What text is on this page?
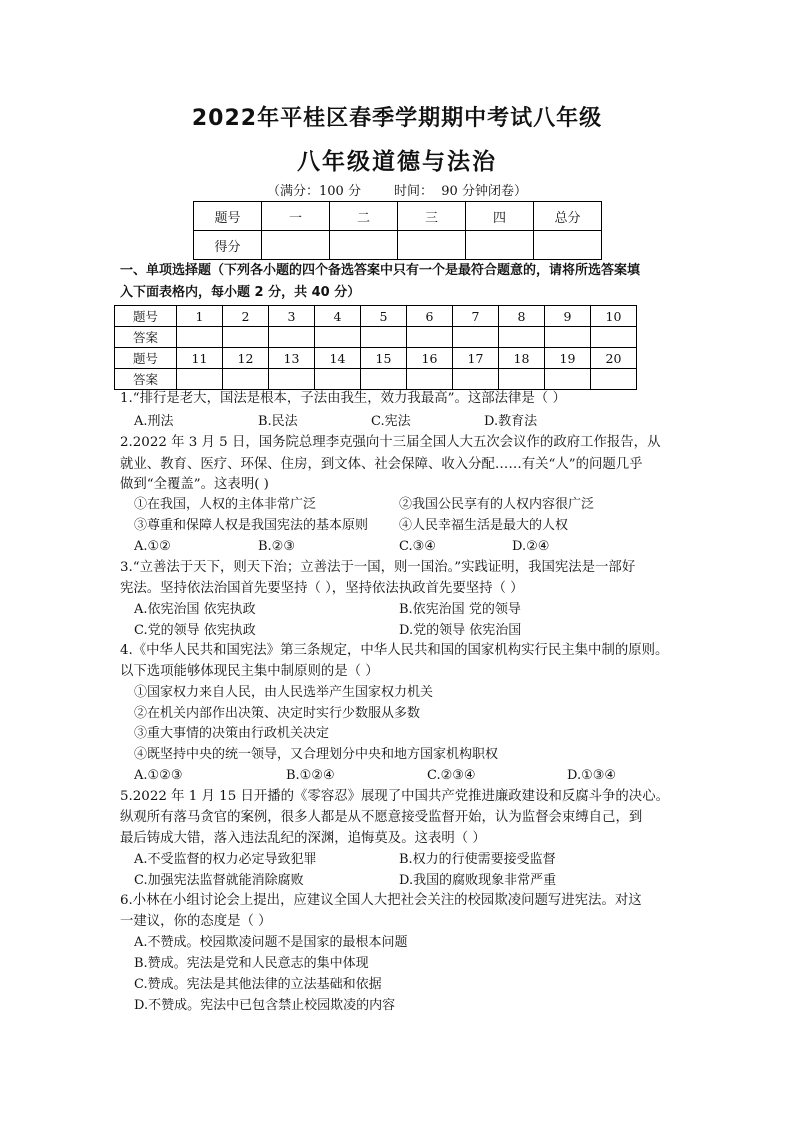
2022年平桂区春季学期期中考试八年级
八年级道德与法治
（满分：100 分        时间：  90 分钟闭卷）
题号	一	二	三	四	总分
得分					
一、单项选择题（下列各小题的四个备选答案中只有一个是最符合题意的，请将所选答案填
入下面表格内，每小题 2 分，共 40 分）
题号	1	2	3	4	5	6	7	8	9	10
答案										
题号	11	12	13	14	15	16	17	18	19	20
答案										
1.“排行是老大，国法是根本，子法由我生，效力我最高”。这部法律是（ ）
A.刑法	B.民法	C.宪法	D.教育法
2.2022 年 3 月 5 日，国务院总理李克强向十三届全国人大五次会议作的政府工作报告，从
就业、教育、医疗、环保、住房，到文体、社会保障、收入分配……有关“人”的问题几乎
做到“全覆盖”。这表明( )
①在我国，人权的主体非常广泛	②我国公民享有的人权内容很广泛
③尊重和保障人权是我国宪法的基本原则 ④人民幸福生活是最大的人权
A.①②	B.②③	C.③④	D.②④
3.“立善法于天下，则天下治；立善法于一国，则一国治。”实践证明，我国宪法是一部好
宪法。坚持依法治国首先要坚持（ ），坚持依法执政首先要坚持（ ）
A.依宪治国 依宪执政	B.依宪治国 党的领导
C.党的领导 依宪执政	D.党的领导 依宪治国
4.《中华人民共和国宪法》第三条规定，中华人民共和国的国家机构实行民主集中制的原则。
以下选项能够体现民主集中制原则的是（ ）
①国家权力来自人民，由人民选举产生国家权力机关
②在机关内部作出决策、决定时实行少数服从多数
③重大事情的决策由行政机关决定
④既坚持中央的统一领导，又合理划分中央和地方国家机构职权
A.①②③	B.①②④	C.②③④	D.①③④
5.2022 年 1 月 15 日开播的《零容忍》展现了中国共产党推进廉政建设和反腐斗争的决心。
纵观所有落马贪官的案例，很多人都是从不愿意接受监督开始，认为监督会束缚自己，到
最后铸成大错，落入违法乱纪的深渊，追悔莫及。这表明（ ）
A.不受监督的权力必定导致犯罪	B.权力的行使需要接受监督
C.加强宪法监督就能消除腐败	D.我国的腐败现象非常严重
6.小林在小组讨论会上提出，应建议全国人大把社会关注的校园欺凌问题写进宪法。对这
一建议，你的态度是（ ）
A.不赞成。校园欺凌问题不是国家的最根本问题
B.赞成。宪法是党和人民意志的集中体现
C.赞成。宪法是其他法律的立法基础和依据
D.不赞成。宪法中已包含禁止校园欺凌的内容
